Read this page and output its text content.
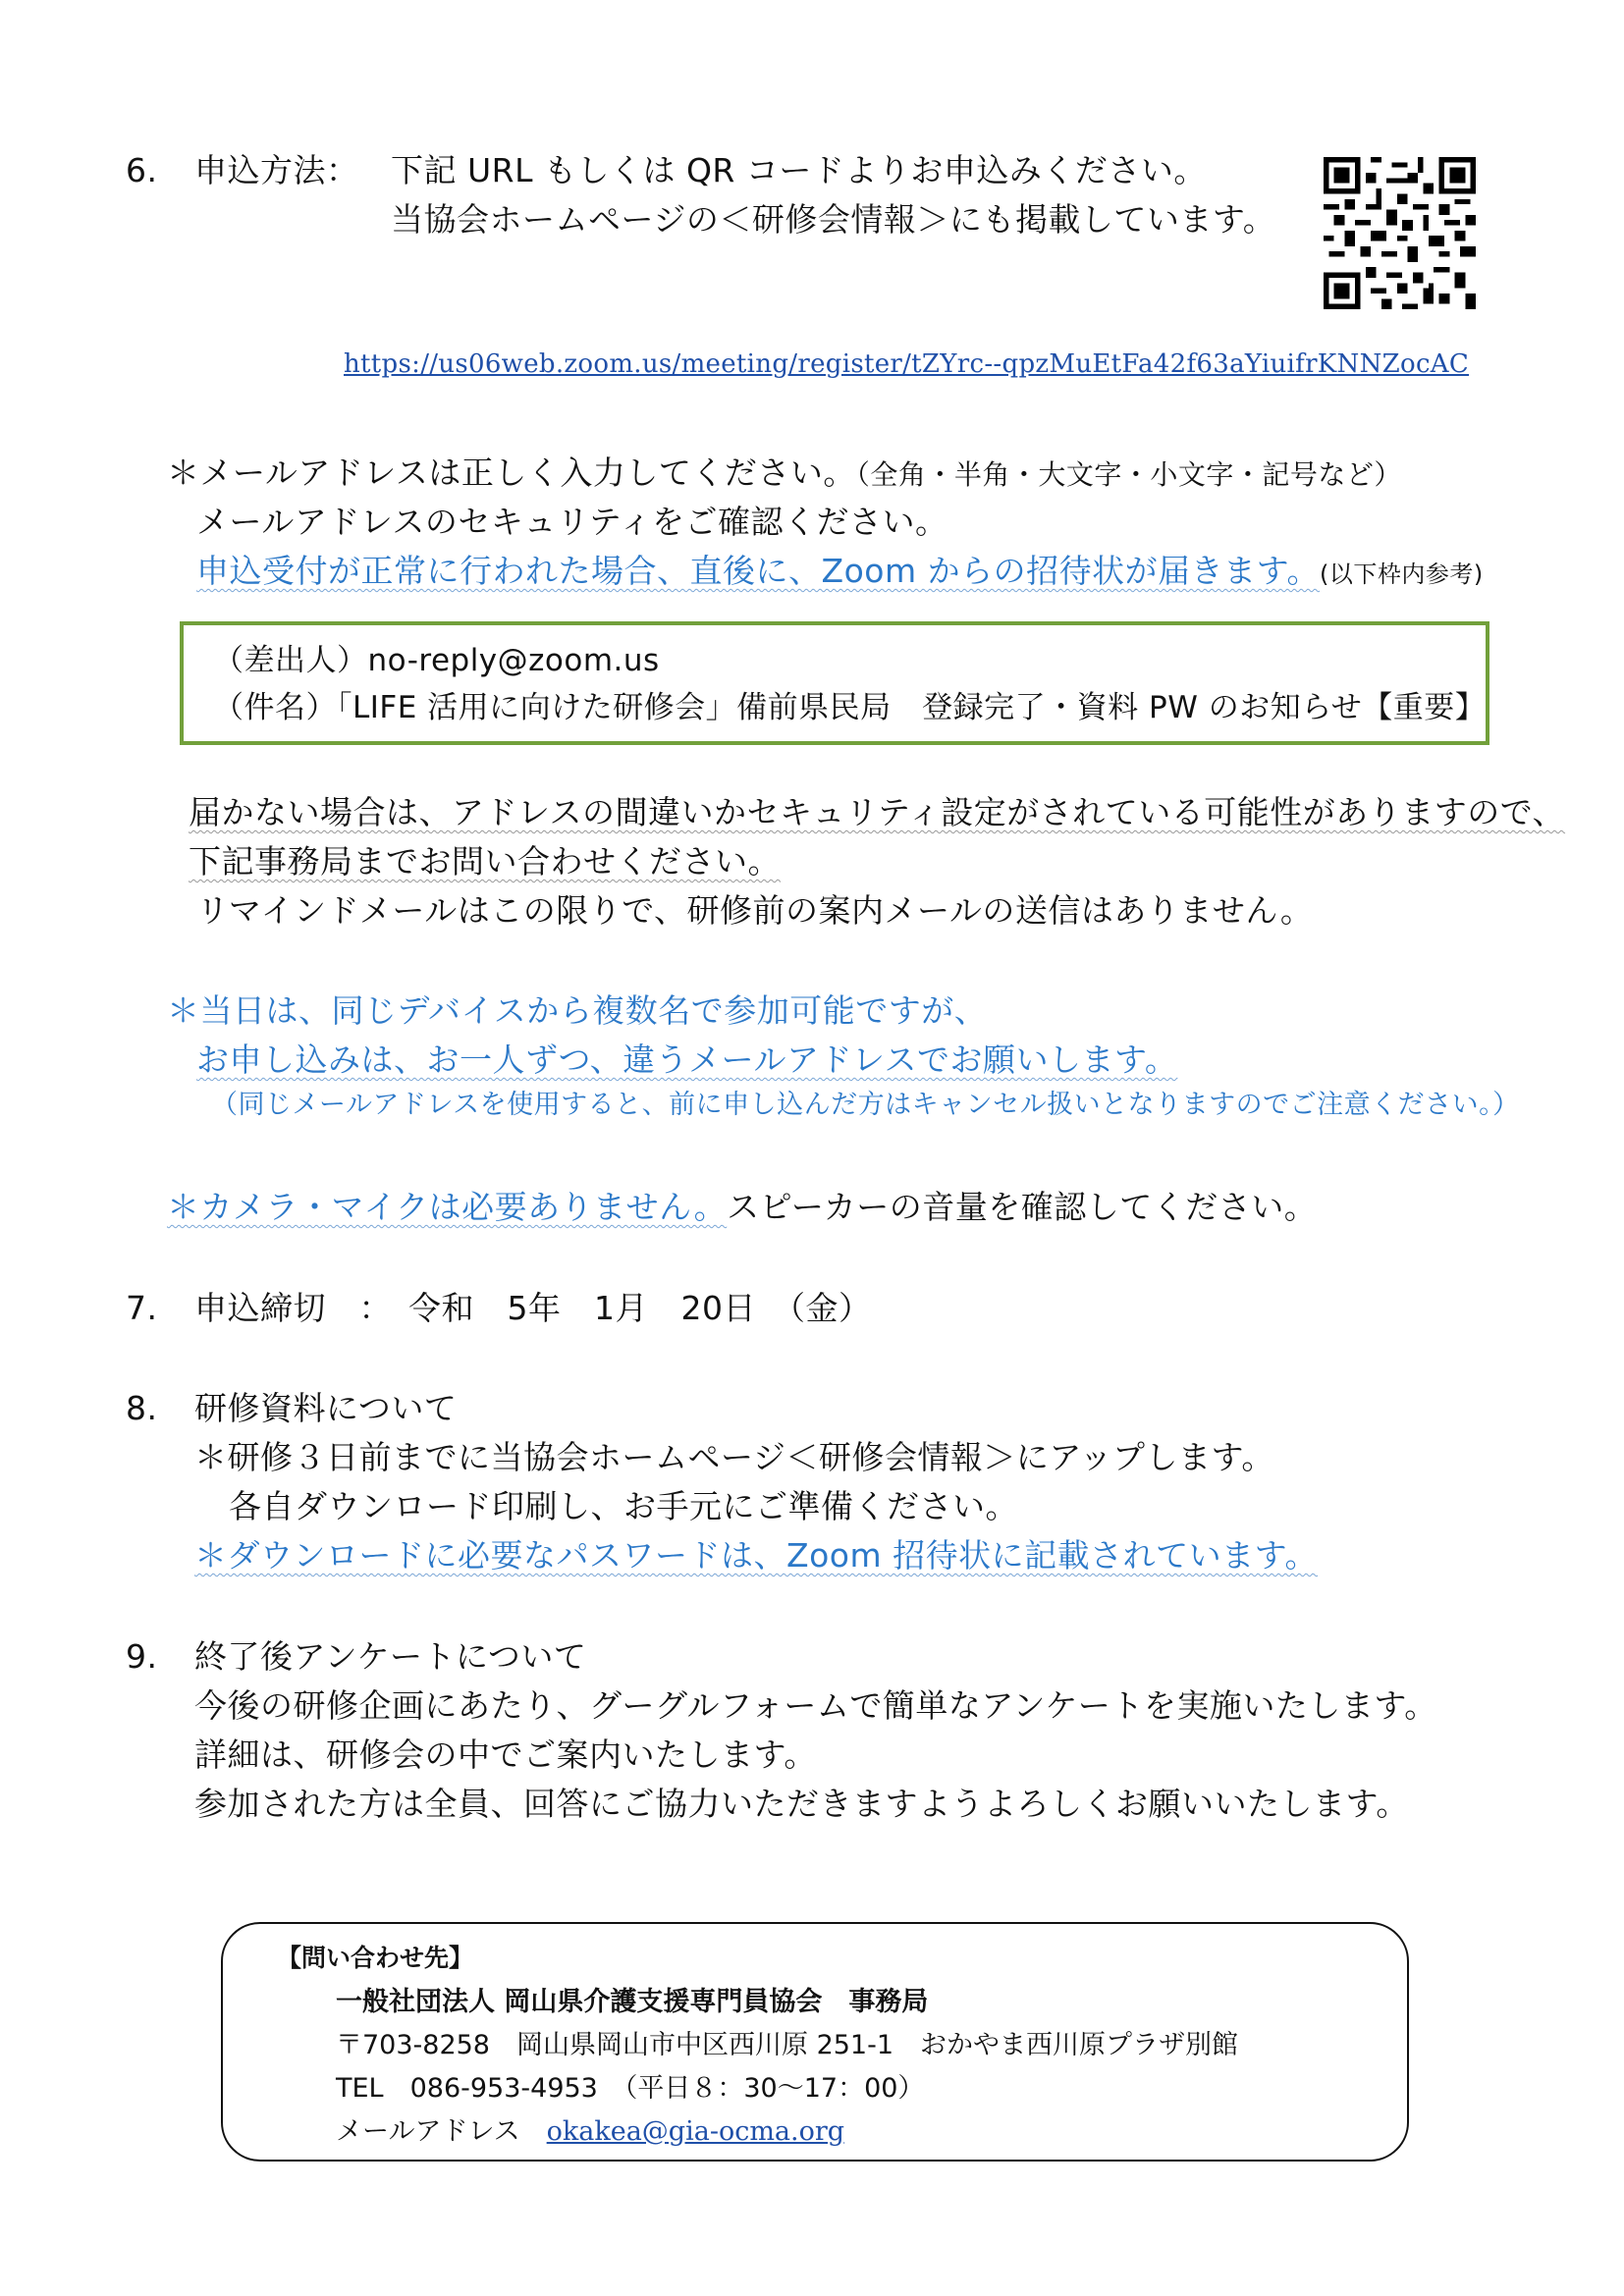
6. 申込方法： 下記 URL もしくは QR コードよりお申込みください。
当協会ホームページの＜研修会情報＞にも掲載しています。
https://us06web.zoom.us/meeting/register/tZYrc--qpzMuEtFa42f63aYiuifrKNNZocAC
＊メールアドレスは正しく入力してください。（全角・半角・大文字・小文字・記号など）
メールアドレスのセキュリティをご確認ください。
申込受付が正常に行われた場合、直後に、Zoom からの招待状が届きます。(以下枠内参考)
（差出人）no-reply@zoom.us
（件名）「LIFE 活用に向けた研修会」備前県民局　登録完了・資料 PW のお知らせ【重要】
届かない場合は、アドレスの間違いかセキュリティ設定がされている可能性がありますので、
下記事務局までお問い合わせください。
リマインドメールはこの限りで、研修前の案内メールの送信はありません。
＊当日は、同じデバイスから複数名で参加可能ですが、
お申し込みは、お一人ずつ、違うメールアドレスでお願いします。
（同じメールアドレスを使用すると、前に申し込んだ方はキャンセル扱いとなりますのでご注意ください。）
＊カメラ・マイクは必要ありません。スピーカーの音量を確認してください。
7. 申込締切　：　令和　5年　1月　20日　（金）
8. 研修資料について
＊研修３日前までに当協会ホームページ＜研修会情報＞にアップします。
各自ダウンロード印刷し、お手元にご準備ください。
＊ダウンロードに必要なパスワードは、Zoom 招待状に記載されています。
9. 終了後アンケートについて
今後の研修企画にあたり、グーグルフォームで簡単なアンケートを実施いたします。
詳細は、研修会の中でご案内いたします。
参加された方は全員、回答にご協力いただきますようよろしくお願いいたします。
【問い合わせ先】
一般社団法人 岡山県介護支援専門員協会　事務局
〒703-8258　岡山県岡山市中区西川原 251-1　おかやま西川原プラザ別館
TEL　086-953-4953　（平日８：30～17：00）
メールアドレス　 okakea@gia-ocma.org
